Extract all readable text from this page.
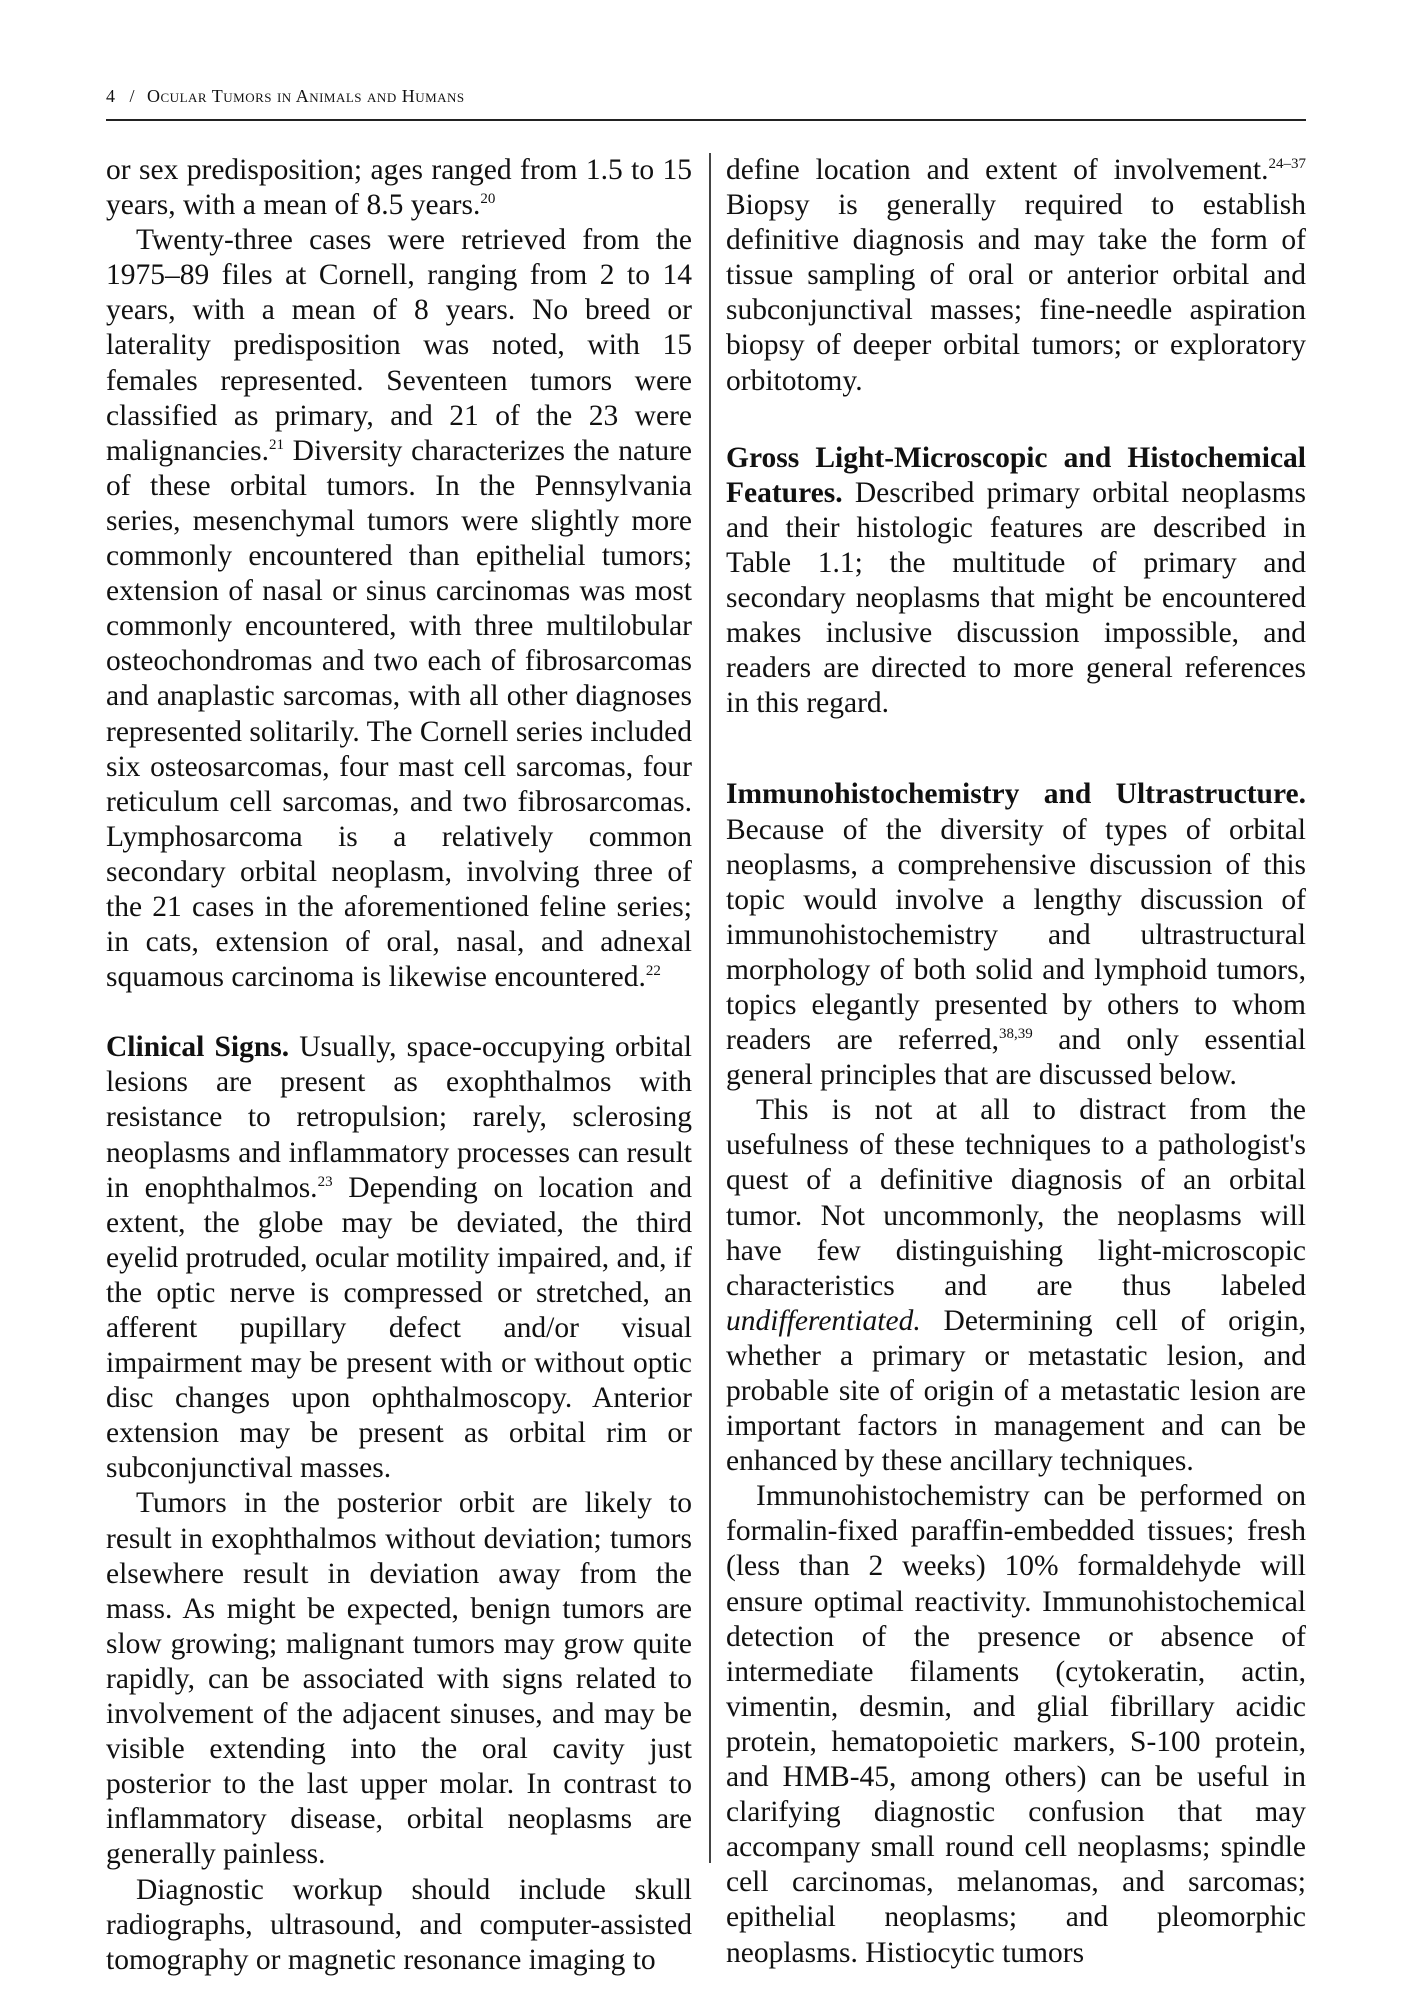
4 / Ocular Tumors in Animals and Humans

or sex predisposition; ages ranged from 1.5 to 15 years, with a mean of 8.5 years.$^{20}$

Twenty-three cases were retrieved from the 1975–89 files at Cornell, ranging from 2 to 14 years, with a mean of 8 years. No breed or laterality predisposition was noted, with 15 females represented. Seventeen tumors were classified as primary, and 21 of the 23 were malignancies.$^{21}$ Diversity characterizes the nature of these orbital tumors. In the Pennsylvania series, mesenchymal tumors were slightly more commonly encountered than epithelial tumors; extension of nasal or sinus carcinomas was most commonly encountered, with three multilobular osteochondromas and two each of fibrosarcomas and anaplastic sarcomas, with all other diagnoses represented solitarily. The Cornell series included six osteosarcomas, four mast cell sarcomas, four reticulum cell sarcomas, and two fibrosarcomas. Lymphosarcoma is a relatively common secondary orbital neoplasm, involving three of the 21 cases in the aforementioned feline series; in cats, extension of oral, nasal, and adnexal squamous carcinoma is likewise encountered.$^{22}$

Clinical Signs. Usually, space-occupying orbital lesions are present as exophthalmos with resistance to retropulsion; rarely, sclerosing neoplasms and inflammatory processes can result in enophthalmos.$^{23}$ Depending on location and extent, the globe may be deviated, the third eyelid protruded, ocular motility impaired, and, if the optic nerve is compressed or stretched, an afferent pupillary defect and/or visual impairment may be present with or without optic disc changes upon ophthalmoscopy. Anterior extension may be present as orbital rim or subconjunctival masses.

Tumors in the posterior orbit are likely to result in exophthalmos without deviation; tumors elsewhere result in deviation away from the mass. As might be expected, benign tumors are slow growing; malignant tumors may grow quite rapidly, can be associated with signs related to involvement of the adjacent sinuses, and may be visible extending into the oral cavity just posterior to the last upper molar. In contrast to inflammatory disease, orbital neoplasms are generally painless.

Diagnostic workup should include skull radiographs, ultrasound, and computer-assisted tomography or magnetic resonance imaging to

define location and extent of involvement.$^{24-37}$ Biopsy is generally required to establish definitive diagnosis and may take the form of tissue sampling of oral or anterior orbital and subconjunctival masses; fine-needle aspiration biopsy of deeper orbital tumors; or exploratory orbitotomy.

Gross Light-Microscopic and Histochemical Features. Described primary orbital neoplasms and their histologic features are described in Table 1.1; the multitude of primary and secondary neoplasms that might be encountered makes inclusive discussion impossible, and readers are directed to more general references in this regard.

Immunohistochemistry and Ultrastructure. Because of the diversity of types of orbital neoplasms, a comprehensive discussion of this topic would involve a lengthy discussion of immunohistochemistry and ultrastructural morphology of both solid and lymphoid tumors, topics elegantly presented by others to whom readers are referred,$^{38,39}$ and only essential general principles that are discussed below.

This is not at all to distract from the usefulness of these techniques to a pathologist's quest of a definitive diagnosis of an orbital tumor. Not uncommonly, the neoplasms will have few distinguishing light-microscopic characteristics and are thus labeled undifferentiated. Determining cell of origin, whether a primary or metastatic lesion, and probable site of origin of a metastatic lesion are important factors in management and can be enhanced by these ancillary techniques.

Immunohistochemistry can be performed on formalin-fixed paraffin-embedded tissues; fresh (less than 2 weeks) 10% formaldehyde will ensure optimal reactivity. Immunohistochemical detection of the presence or absence of intermediate filaments (cytokeratin, actin, vimentin, desmin, and glial fibrillary acidic protein, hematopoietic markers, S-100 protein, and HMB-45, among others) can be useful in clarifying diagnostic confusion that may accompany small round cell neoplasms; spindle cell carcinomas, melanomas, and sarcomas; epithelial neoplasms; and pleomorphic neoplasms. Histiocytic tumors
